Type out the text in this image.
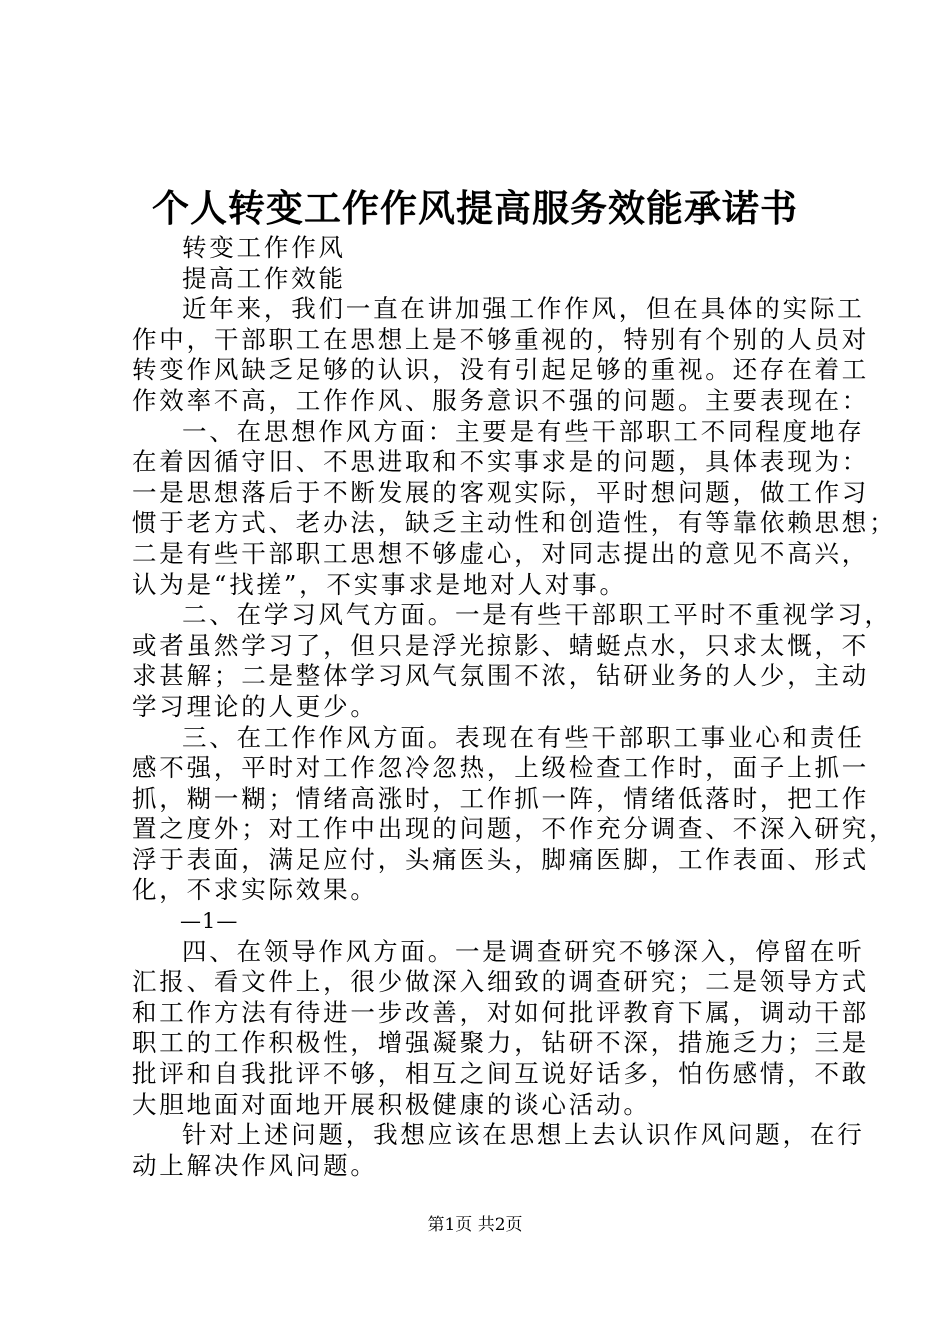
个人转变工作作风提高服务效能承诺书
转变工作作风
提高工作效能
近年来，我们一直在讲加强工作作风，但在具体的实际工
作中，干部职工在思想上是不够重视的，特别有个别的人员对
转变作风缺乏足够的认识，没有引起足够的重视。还存在着工
作效率不高，工作作风、服务意识不强的问题。主要表现在：
一、在思想作风方面：主要是有些干部职工不同程度地存
在着因循守旧、不思进取和不实事求是的问题，具体表现为：
一是思想落后于不断发展的客观实际，平时想问题，做工作习
惯于老方式、老办法，缺乏主动性和创造性，有等靠依赖思想；
二是有些干部职工思想不够虚心，对同志提出的意见不高兴，
认为是“找搓”，不实事求是地对人对事。
二、在学习风气方面。一是有些干部职工平时不重视学习，
或者虽然学习了，但只是浮光掠影、蜻蜓点水，只求太慨，不
求甚解；二是整体学习风气氛围不浓，钻研业务的人少，主动
学习理论的人更少。
三、在工作作风方面。表现在有些干部职工事业心和责任
感不强，平时对工作忽冷忽热，上级检查工作时，面子上抓一
抓，糊一糊；情绪高涨时，工作抓一阵，情绪低落时，把工作
置之度外；对工作中出现的问题，不作充分调查、不深入研究，
浮于表面，满足应付，头痛医头，脚痛医脚，工作表面、形式
化，不求实际效果。
—1—
四、在领导作风方面。一是调查研究不够深入，停留在听
汇报、看文件上，很少做深入细致的调查研究；二是领导方式
和工作方法有待进一步改善，对如何批评教育下属，调动干部
职工的工作积极性，增强凝聚力，钻研不深，措施乏力；三是
批评和自我批评不够，相互之间互说好话多，怕伤感情，不敢
大胆地面对面地开展积极健康的谈心活动。
针对上述问题，我想应该在思想上去认识作风问题，在行
动上解决作风问题。
第1页 共2页
